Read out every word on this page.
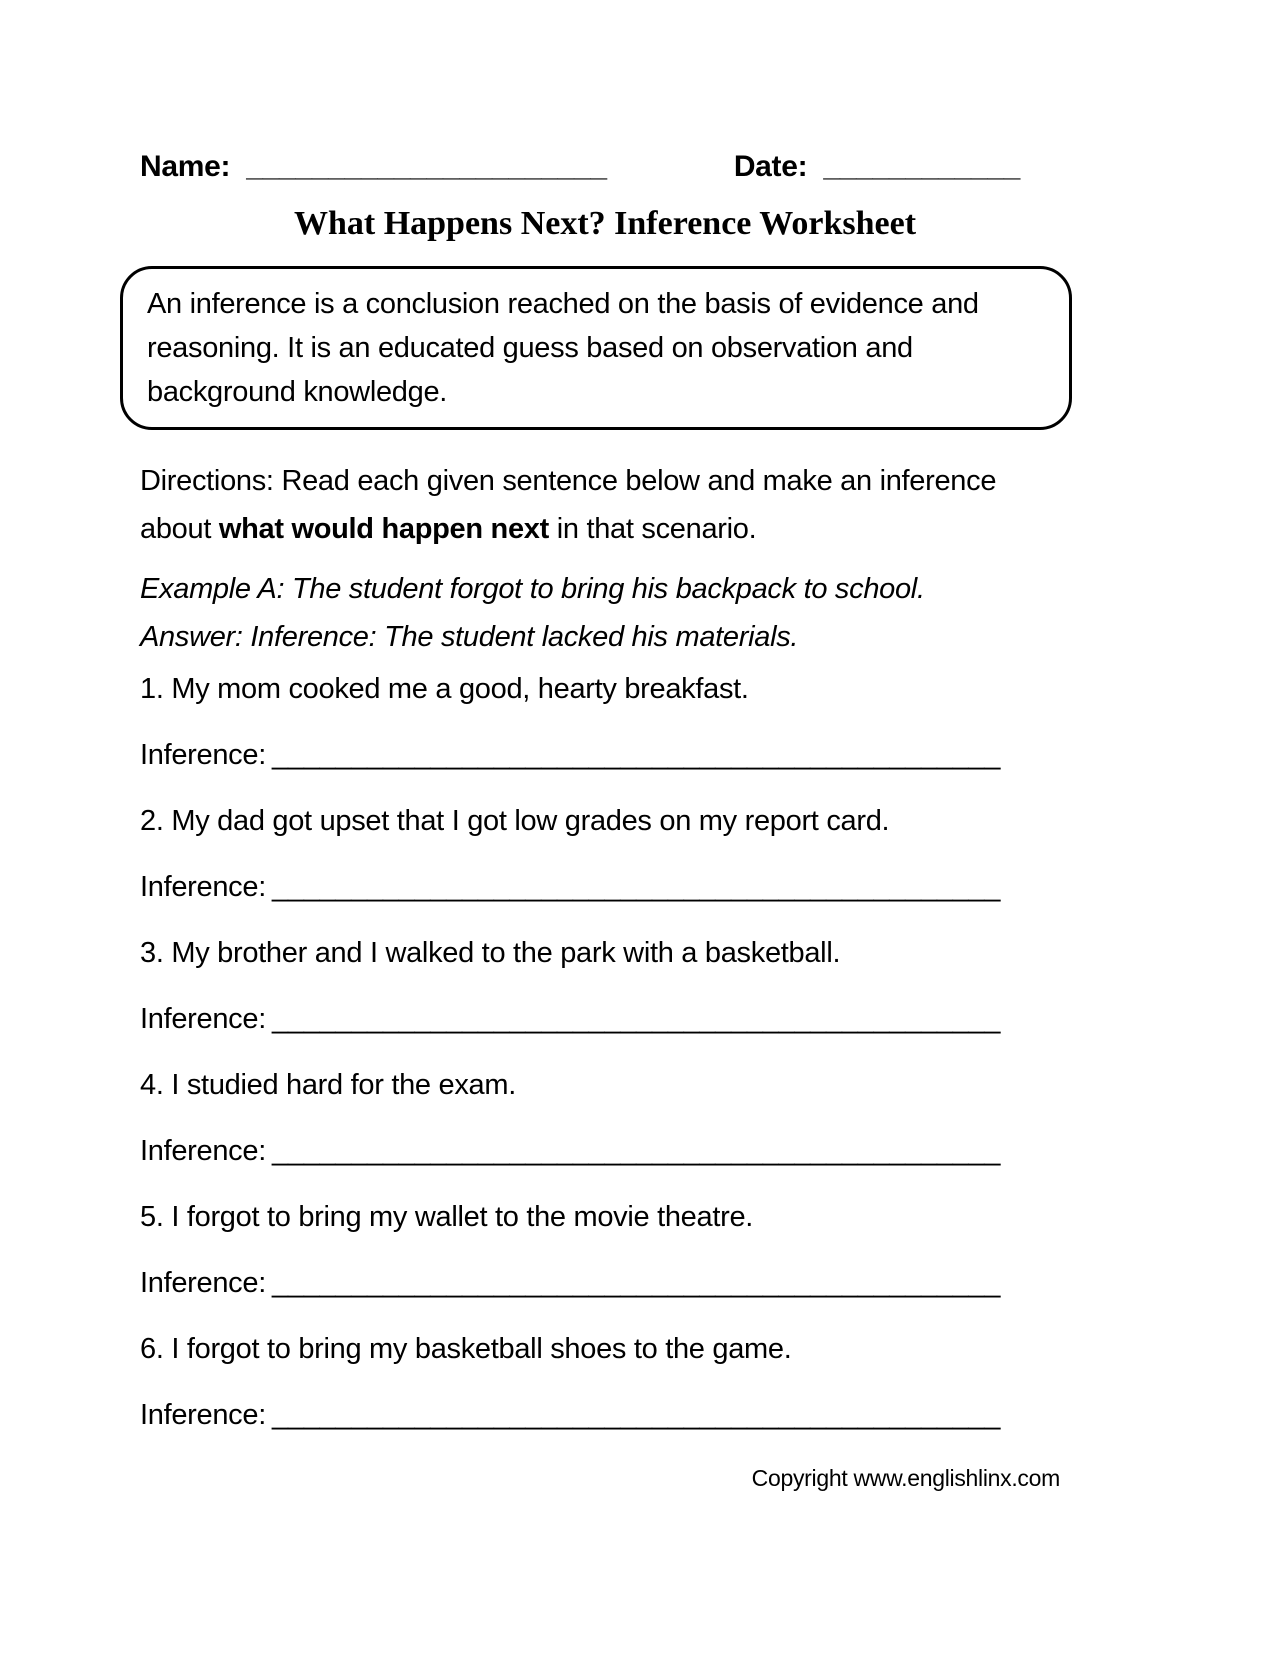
Name: ______________________	Date: ____________
What Happens Next? Inference Worksheet

An inference is a conclusion reached on the basis of evidence and reasoning. It is an educated guess based on observation and background knowledge.

Directions: Read each given sentence below and make an inference about what would happen next in that scenario.

Example A: The student forgot to bring his backpack to school.
Answer: Inference: The student lacked his materials.

1. My mom cooked me a good, hearty breakfast.

Inference: ______________________________________________

2. My dad got upset that I got low grades on my report card.

Inference: ______________________________________________

3. My brother and I walked to the park with a basketball.

Inference: ______________________________________________

4. I studied hard for the exam.

Inference: ______________________________________________

5. I forgot to bring my wallet to the movie theatre.

Inference: ______________________________________________

6. I forgot to bring my basketball shoes to the game.

Inference: ______________________________________________

Copyright www.englishlinx.com
